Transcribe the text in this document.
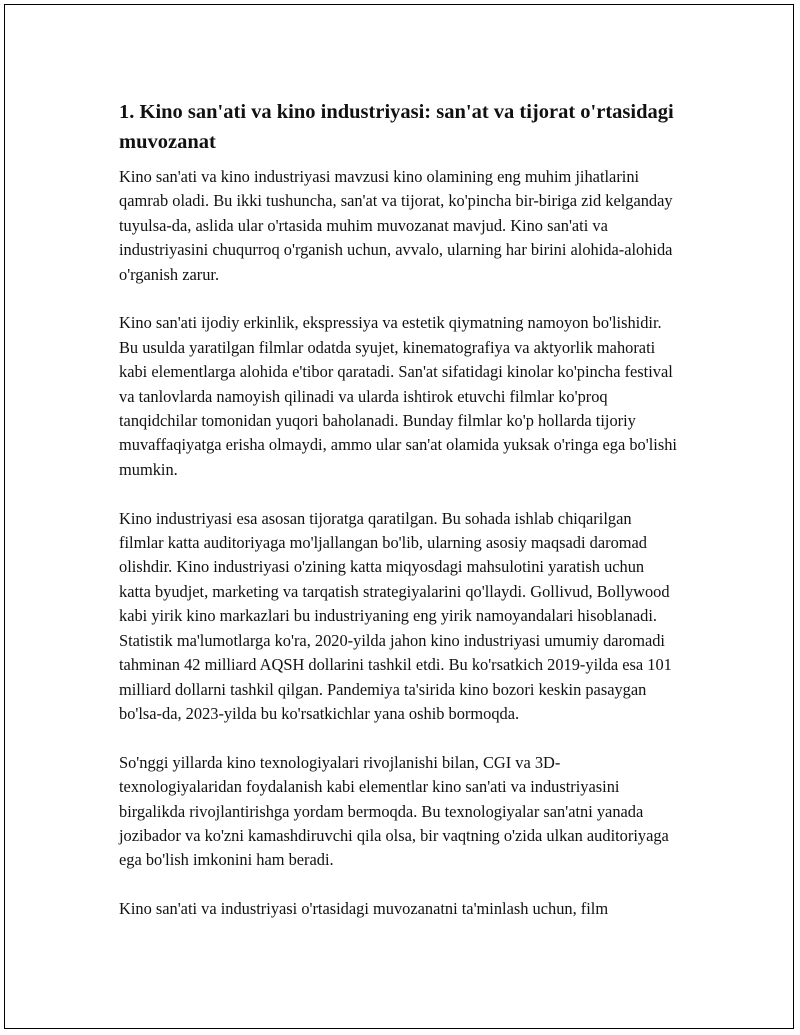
1. Kino san'ati va kino industriyasi: san'at va tijorat o'rtasidagi muvozanat

Kino san'ati va kino industriyasi mavzusi kino olamining eng muhim jihatlarini qamrab oladi. Bu ikki tushuncha, san'at va tijorat, ko'pincha bir-biriga zid kelganday tuyulsa-da, aslida ular o'rtasida muhim muvozanat mavjud. Kino san'ati va industriyasini chuqurroq o'rganish uchun, avvalo, ularning har birini alohida-alohida o'rganish zarur.

Kino san'ati ijodiy erkinlik, ekspressiya va estetik qiymatning namoyon bo'lishidir. Bu usulda yaratilgan filmlar odatda syujet, kinematografiya va aktyorlik mahorati kabi elementlarga alohida e'tibor qaratadi. San'at sifatidagi kinolar ko'pincha festival va tanlovlarda namoyish qilinadi va ularda ishtirok etuvchi filmlar ko'proq tanqidchilar tomonidan yuqori baholanadi. Bunday filmlar ko'p hollarda tijoriy muvaffaqiyatga erisha olmaydi, ammo ular san'at olamida yuksak o'ringa ega bo'lishi mumkin.

Kino industriyasi esa asosan tijoratga qaratilgan. Bu sohada ishlab chiqarilgan filmlar katta auditoriyaga mo'ljallangan bo'lib, ularning asosiy maqsadi daromad olishdir. Kino industriyasi o'zining katta miqyosdagi mahsulotini yaratish uchun katta byudjet, marketing va tarqatish strategiyalarini qo'llaydi. Gollivud, Bollywood kabi yirik kino markazlari bu industriyaning eng yirik namoyandalari hisoblanadi. Statistik ma'lumotlarga ko'ra, 2020-yilda jahon kino industriyasi umumiy daromadi tahminan 42 milliard AQSH dollarini tashkil etdi. Bu ko'rsatkich 2019-yilda esa 101 milliard dollarni tashkil qilgan. Pandemiya ta'sirida kino bozori keskin pasaygan bo'lsa-da, 2023-yilda bu ko'rsatkichlar yana oshib bormoqda.

So'nggi yillarda kino texnologiyalari rivojlanishi bilan, CGI va 3D-texnologiyalaridan foydalanish kabi elementlar kino san'ati va industriyasini birgalikda rivojlantirishga yordam bermoqda. Bu texnologiyalar san'atni yanada jozibador va ko'zni kamashdiruvchi qila olsa, bir vaqtning o'zida ulkan auditoriyaga ega bo'lish imkonini ham beradi.

Kino san'ati va industriyasi o'rtasidagi muvozanatni ta'minlash uchun, film
